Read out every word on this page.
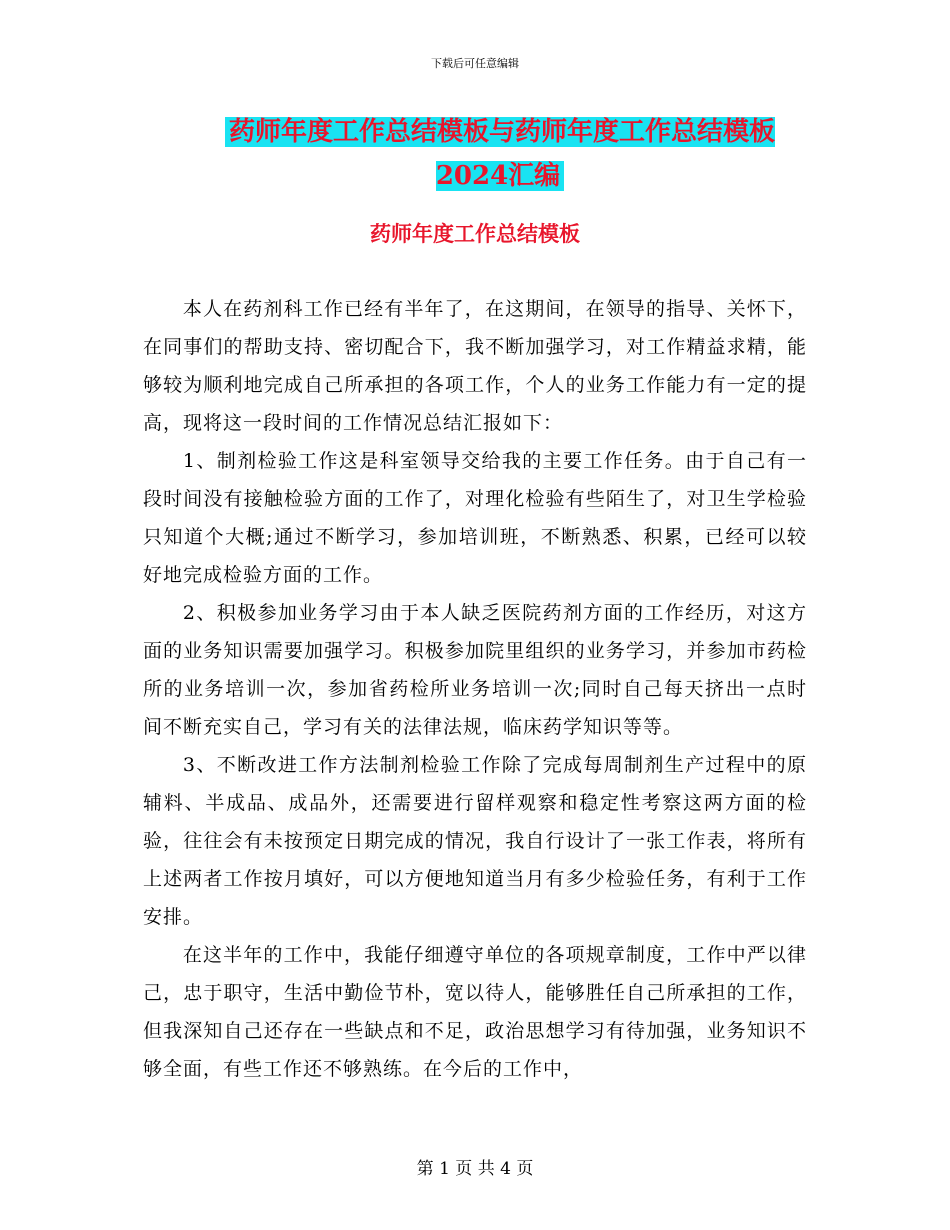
下载后可任意编辑
药师年度工作总结模板与药师年度工作总结模板2024汇编
药师年度工作总结模板

本人在药剂科工作已经有半年了，在这期间，在领导的指导、关怀下，在同事们的帮助支持、密切配合下，我不断加强学习，对工作精益求精，能够较为顺利地完成自己所承担的各项工作，个人的业务工作能力有一定的提高，现将这一段时间的工作情况总结汇报如下：

1、制剂检验工作这是科室领导交给我的主要工作任务。由于自己有一段时间没有接触检验方面的工作了，对理化检验有些陌生了，对卫生学检验只知道个大概;通过不断学习，参加培训班，不断熟悉、积累，已经可以较好地完成检验方面的工作。

2、积极参加业务学习由于本人缺乏医院药剂方面的工作经历，对这方面的业务知识需要加强学习。积极参加院里组织的业务学习，并参加市药检所的业务培训一次，参加省药检所业务培训一次;同时自己每天挤出一点时间不断充实自己，学习有关的法律法规，临床药学知识等等。

3、不断改进工作方法制剂检验工作除了完成每周制剂生产过程中的原辅料、半成品、成品外，还需要进行留样观察和稳定性考察这两方面的检验，往往会有未按预定日期完成的情况，我自行设计了一张工作表，将所有上述两者工作按月填好，可以方便地知道当月有多少检验任务，有利于工作安排。

在这半年的工作中，我能仔细遵守单位的各项规章制度，工作中严以律己，忠于职守，生活中勤俭节朴，宽以待人，能够胜任自己所承担的工作，但我深知自己还存在一些缺点和不足，政治思想学习有待加强，业务知识不够全面，有些工作还不够熟练。在今后的工作中，

第 1 页 共 4 页
